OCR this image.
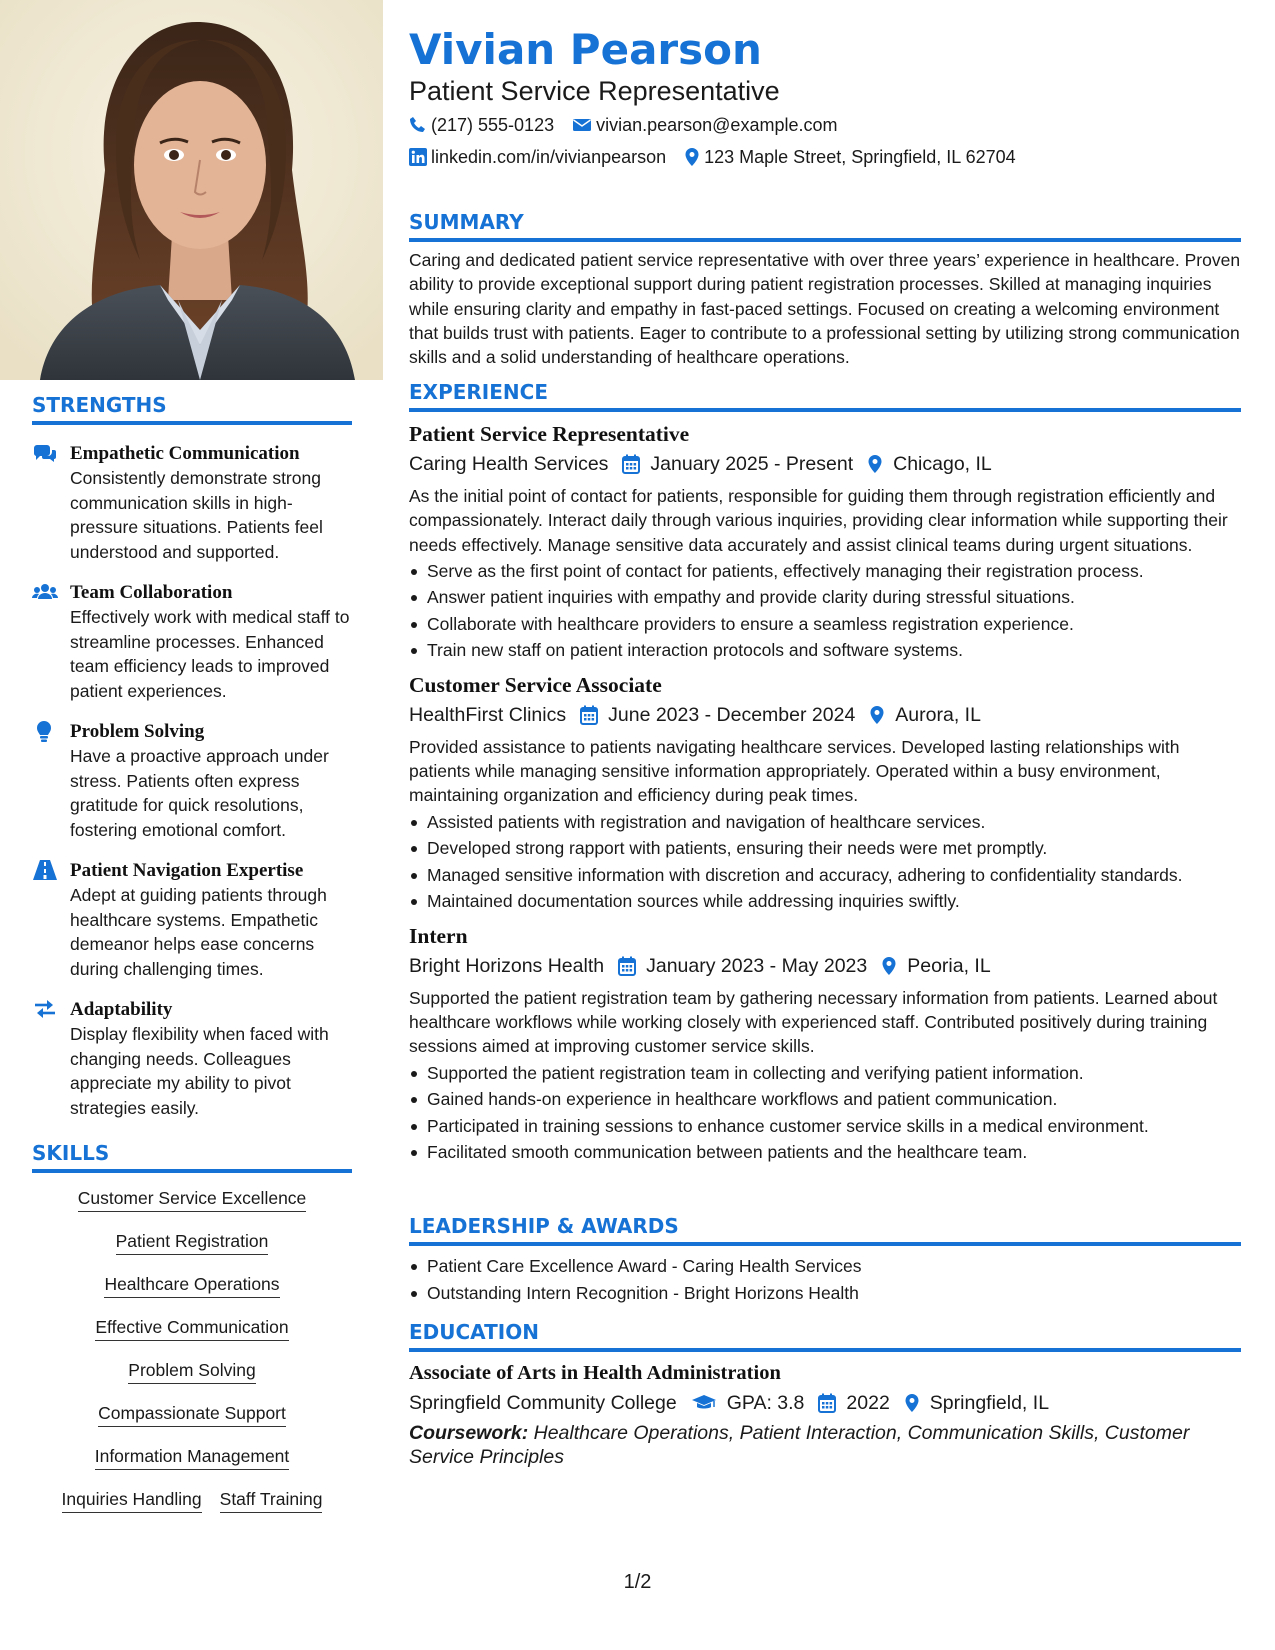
STRENGTHS
Empathetic Communication
Consistently demonstrate strong communication skills in high-pressure situations. Patients feel understood and supported.
Team Collaboration
Effectively work with medical staff to streamline processes. Enhanced team efficiency leads to improved patient experiences.
Problem Solving
Have a proactive approach under stress. Patients often express gratitude for quick resolutions, fostering emotional comfort.
Patient Navigation Expertise
Adept at guiding patients through healthcare systems. Empathetic demeanor helps ease concerns during challenging times.
Adaptability
Display flexibility when faced with changing needs. Colleagues appreciate my ability to pivot strategies easily.
SKILLS
Customer Service Excellence
Patient Registration
Healthcare Operations
Effective Communication
Problem Solving
Compassionate Support
Information Management
Inquiries Handling Staff Training
Vivian Pearson
Patient Service Representative
(217) 555-0123 vivian.pearson@example.com
linkedin.com/in/vivianpearson 123 Maple Street, Springfield, IL 62704
SUMMARY
Caring and dedicated patient service representative with over three years’ experience in healthcare. Proven ability to provide exceptional support during patient registration processes. Skilled at managing inquiries while ensuring clarity and empathy in fast-paced settings. Focused on creating a welcoming environment that builds trust with patients. Eager to contribute to a professional setting by utilizing strong communication skills and a solid understanding of healthcare operations.
EXPERIENCE
Patient Service Representative
Caring Health Services January 2025 - Present Chicago, IL
As the initial point of contact for patients, responsible for guiding them through registration efficiently and compassionately. Interact daily through various inquiries, providing clear information while supporting their needs effectively. Manage sensitive data accurately and assist clinical teams during urgent situations.
Serve as the first point of contact for patients, effectively managing their registration process.
Answer patient inquiries with empathy and provide clarity during stressful situations.
Collaborate with healthcare providers to ensure a seamless registration experience.
Train new staff on patient interaction protocols and software systems.
Customer Service Associate
HealthFirst Clinics June 2023 - December 2024 Aurora, IL
Provided assistance to patients navigating healthcare services. Developed lasting relationships with patients while managing sensitive information appropriately. Operated within a busy environment, maintaining organization and efficiency during peak times.
Assisted patients with registration and navigation of healthcare services.
Developed strong rapport with patients, ensuring their needs were met promptly.
Managed sensitive information with discretion and accuracy, adhering to confidentiality standards.
Maintained documentation sources while addressing inquiries swiftly.
Intern
Bright Horizons Health January 2023 - May 2023 Peoria, IL
Supported the patient registration team by gathering necessary information from patients. Learned about healthcare workflows while working closely with experienced staff. Contributed positively during training sessions aimed at improving customer service skills.
Supported the patient registration team in collecting and verifying patient information.
Gained hands-on experience in healthcare workflows and patient communication.
Participated in training sessions to enhance customer service skills in a medical environment.
Facilitated smooth communication between patients and the healthcare team.
LEADERSHIP & AWARDS
Patient Care Excellence Award - Caring Health Services
Outstanding Intern Recognition - Bright Horizons Health
EDUCATION
Associate of Arts in Health Administration
Springfield Community College	GPA: 3.8 2022 Springfield, IL
Coursework: Healthcare Operations, Patient Interaction, Communication Skills, Customer Service Principles
1/2
